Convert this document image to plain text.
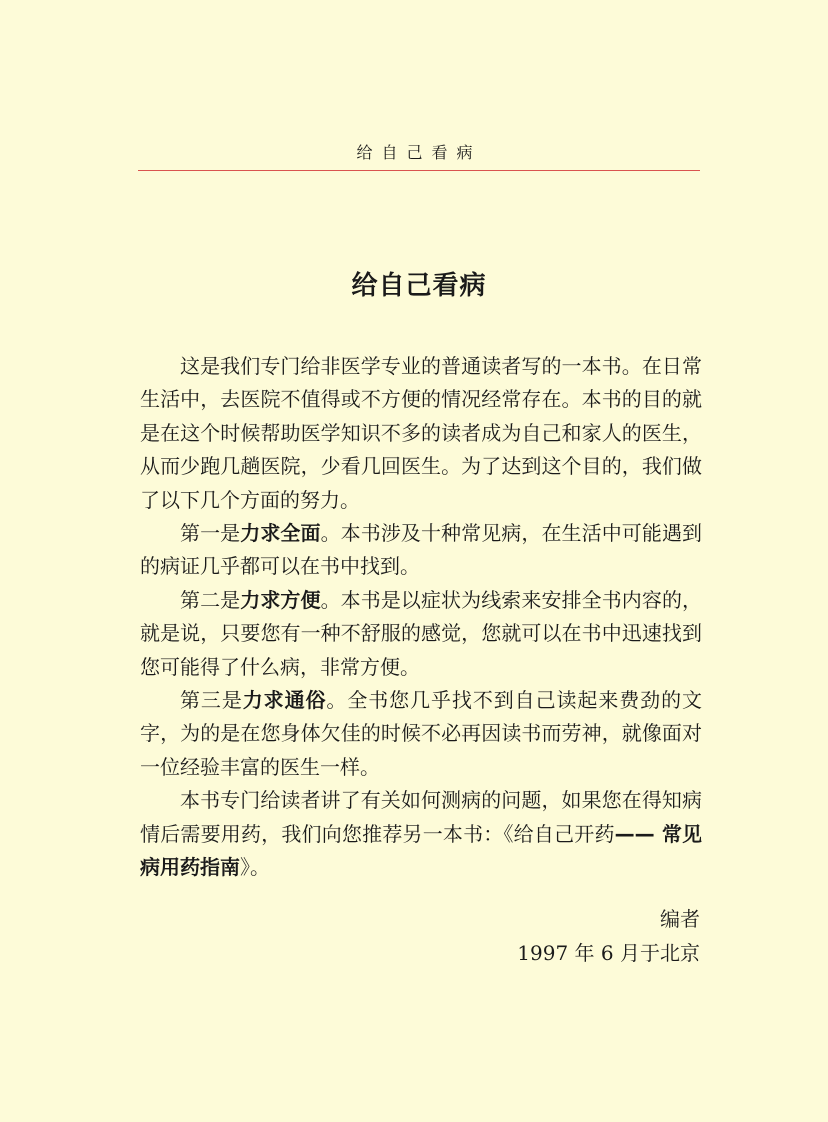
给自己看病
给自己看病

这是我们专门给非医学专业的普通读者写的一本书。在日常生活中，去医院不值得或不方便的情况经常存在。本书的目的就是在这个时候帮助医学知识不多的读者成为自己和家人的医生，从而少跑几趟医院，少看几回医生。为了达到这个目的，我们做了以下几个方面的努力。

第一是力求全面。本书涉及十种常见病，在生活中可能遇到的病证几乎都可以在书中找到。

第二是力求方便。本书是以症状为线索来安排全书内容的，就是说，只要您有一种不舒服的感觉，您就可以在书中迅速找到您可能得了什么病，非常方便。

第三是力求通俗。全书您几乎找不到自己读起来费劲的文字，为的是在您身体欠佳的时候不必再因读书而劳神，就像面对一位经验丰富的医生一样。

本书专门给读者讲了有关如何测病的问题，如果您在得知病情后需要用药，我们向您推荐另一本书：《给自己开药—— 常见病用药指南》。

编者
1997 年 6 月于北京
